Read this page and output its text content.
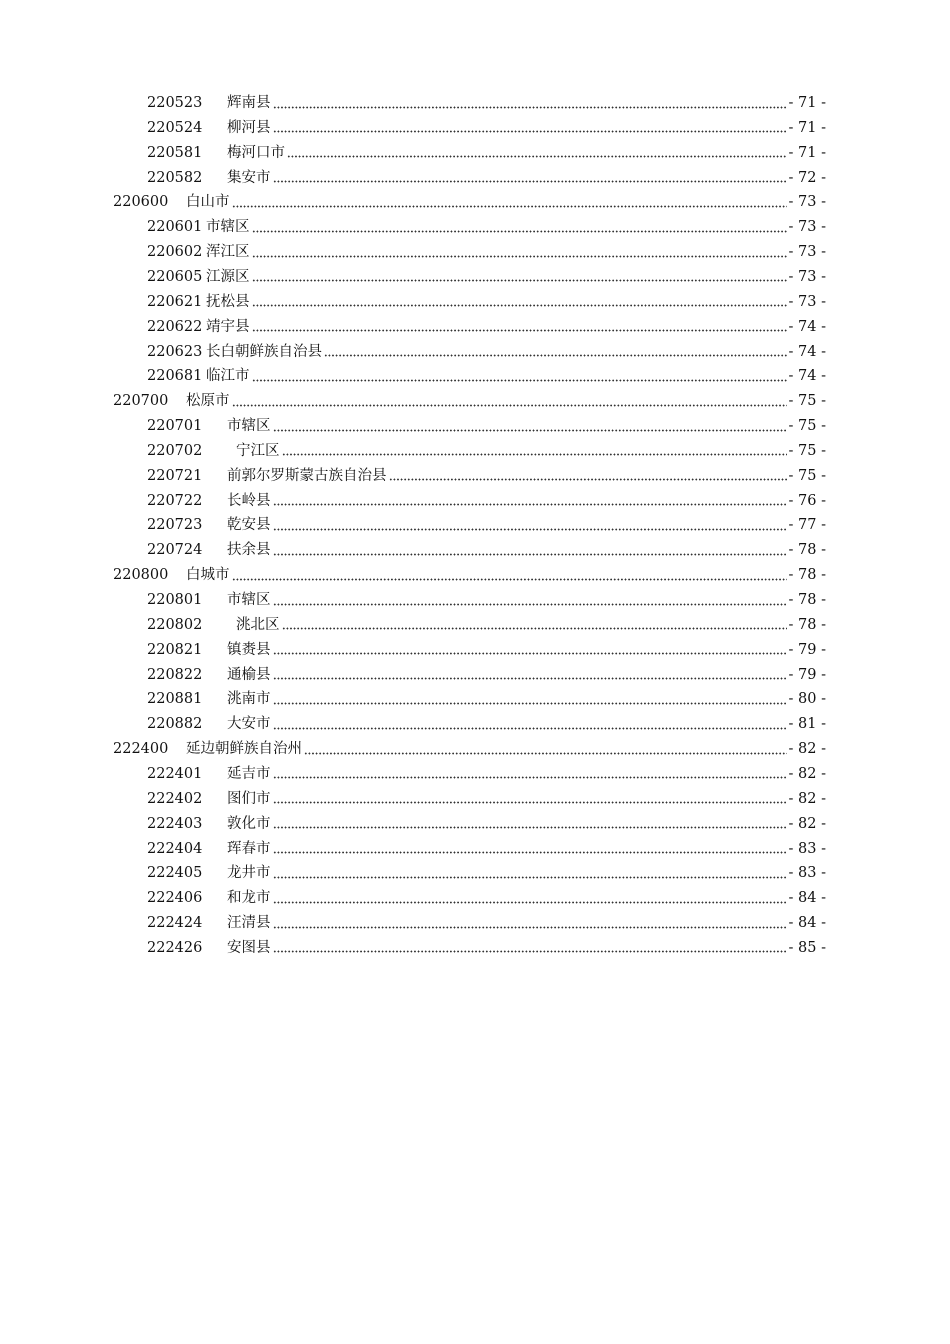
220523 辉南县	- 71 -
220524 柳河县	- 71 -
220581 梅河口市	- 71 -
220582 集安市	- 72 -
220600 白山市	- 73 -
220601 市辖区	- 73 -
220602 浑江区	- 73 -
220605 江源区	- 73 -
220621 抚松县	- 73 -
220622 靖宇县	- 74 -
220623 长白朝鲜族自治县	- 74 -
220681 临江市	- 74 -
220700 松原市	- 75 -
220701 市辖区	- 75 -
220702 宁江区	- 75 -
220721 前郭尔罗斯蒙古族自治县	- 75 -
220722 长岭县	- 76 -
220723 乾安县	- 77 -
220724 扶余县	- 78 -
220800 白城市	- 78 -
220801 市辖区	- 78 -
220802 洮北区	- 78 -
220821 镇赉县	- 79 -
220822 通榆县	- 79 -
220881 洮南市	- 80 -
220882 大安市	- 81 -
222400 延边朝鲜族自治州	- 82 -
222401 延吉市	- 82 -
222402 图们市	- 82 -
222403 敦化市	- 82 -
222404 珲春市	- 83 -
222405 龙井市	- 83 -
222406 和龙市	- 84 -
222424 汪清县	- 84 -
222426 安图县	- 85 -
